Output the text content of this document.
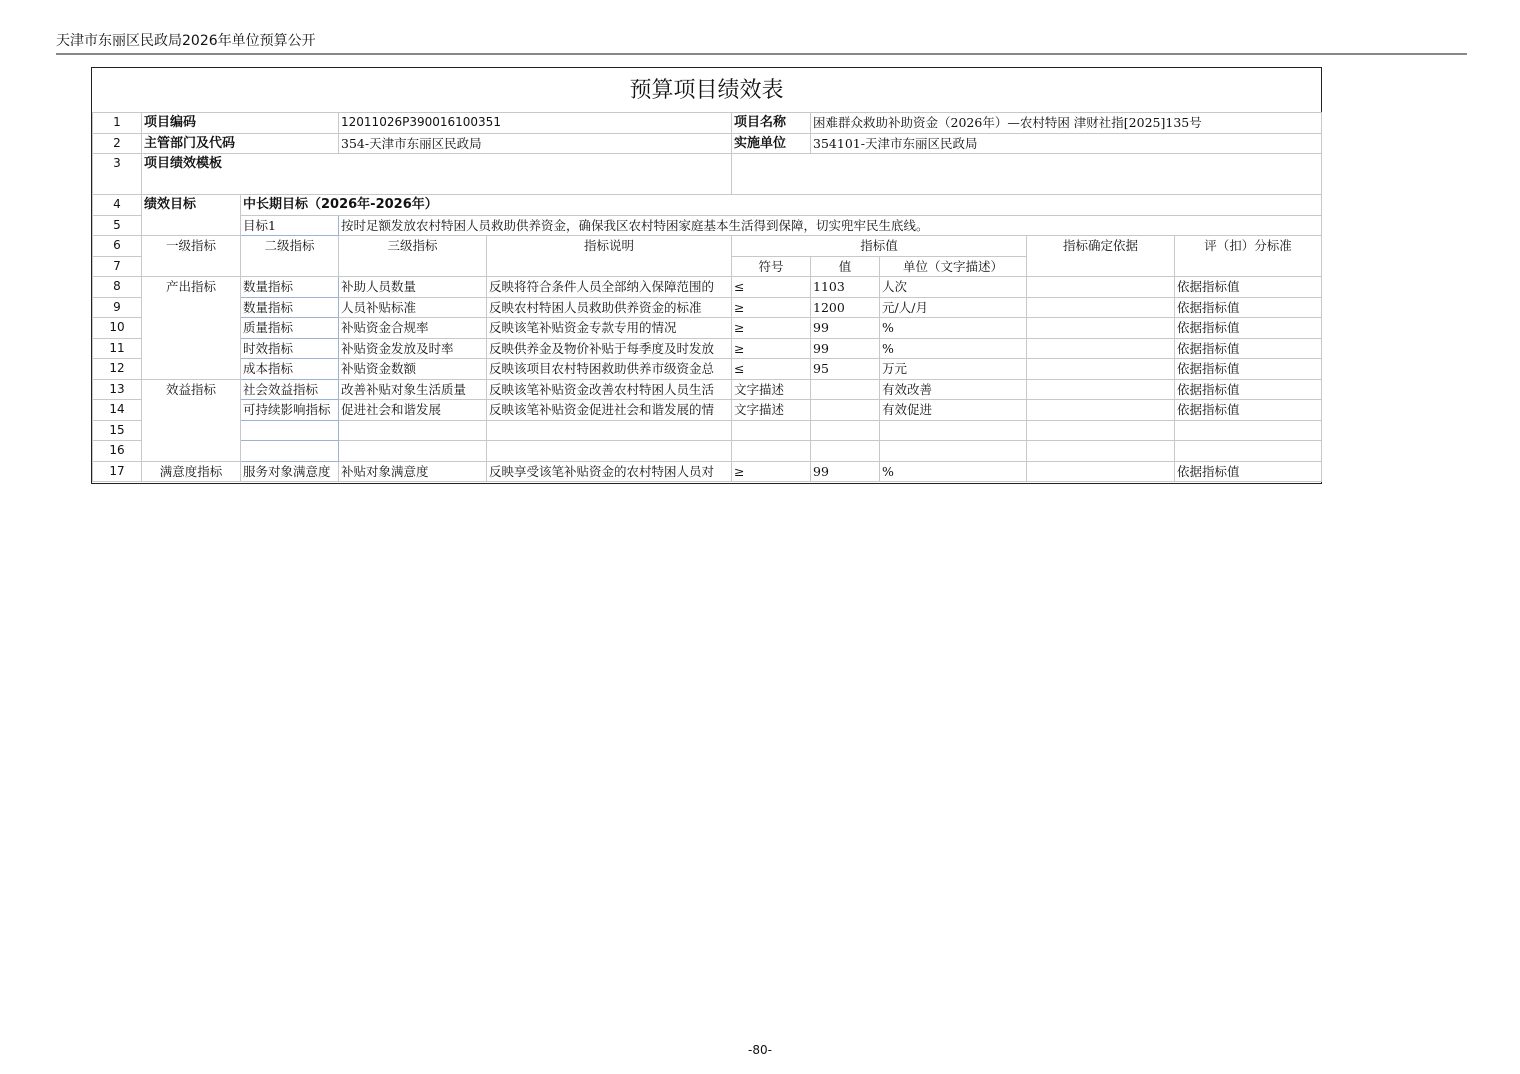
天津市东丽区民政局2026年单位预算公开
预算项目绩效表
1	项目编码		12011026P390016100351		项目名称	困难群众救助补助资金（2026年）—农村特困 津财社指[2025]135号			
2	主管部门及代码		354-天津市东丽区民政局		实施单位	354101-天津市东丽区民政局			
3	项目绩效模板								
4	绩效目标	中长期目标（2026年-2026年）							
5		目标1	按时足额发放农村特困人员救助供养资金，确保我区农村特困家庭基本生活得到保障，切实兜牢民生底线。						
6	一级指标	二级指标	三级指标	指标说明	指标值			指标确定依据	评（扣）分标准
7					符号	值	单位（文字描述）		
8	产出指标	数量指标	补助人员数量	反映将符合条件人员全部纳入保障范围的	≤	1103	人次		依据指标值
9		数量指标	人员补贴标准	反映农村特困人员救助供养资金的标准	≥	1200	元/人/月		依据指标值
10		质量指标	补贴资金合规率	反映该笔补贴资金专款专用的情况	≥	99	%		依据指标值
11		时效指标	补贴资金发放及时率	反映供养金及物价补贴于每季度及时发放	≥	99	%		依据指标值
12		成本指标	补贴资金数额	反映该项目农村特困救助供养市级资金总	≤	95	万元		依据指标值
13	效益指标	社会效益指标	改善补贴对象生活质量	反映该笔补贴资金改善农村特困人员生活	文字描述		有效改善		依据指标值
14		可持续影响指标	促进社会和谐发展	反映该笔补贴资金促进社会和谐发展的情	文字描述		有效促进		依据指标值
15									
16									
17	满意度指标	服务对象满意度	补贴对象满意度	反映享受该笔补贴资金的农村特困人员对	≥	99	%		依据指标值
-80-
